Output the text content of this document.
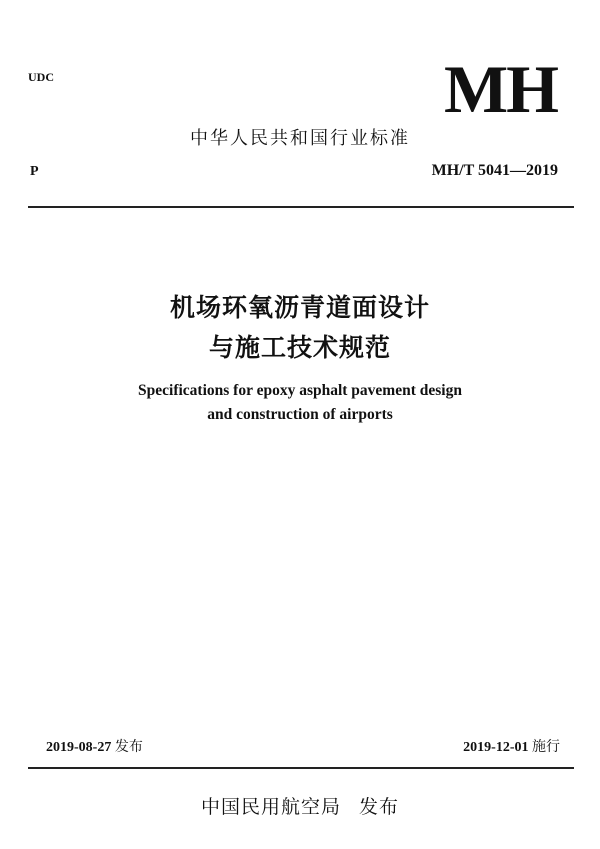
UDC	MH
中华人民共和国行业标准
P	MH/T 5041—2019
机场环氧沥青道面设计
与施工技术规范
Specifications for epoxy asphalt pavement design
and construction of airports
2019-08-27 发布	2019-12-01 施行
中国民用航空局 发布
